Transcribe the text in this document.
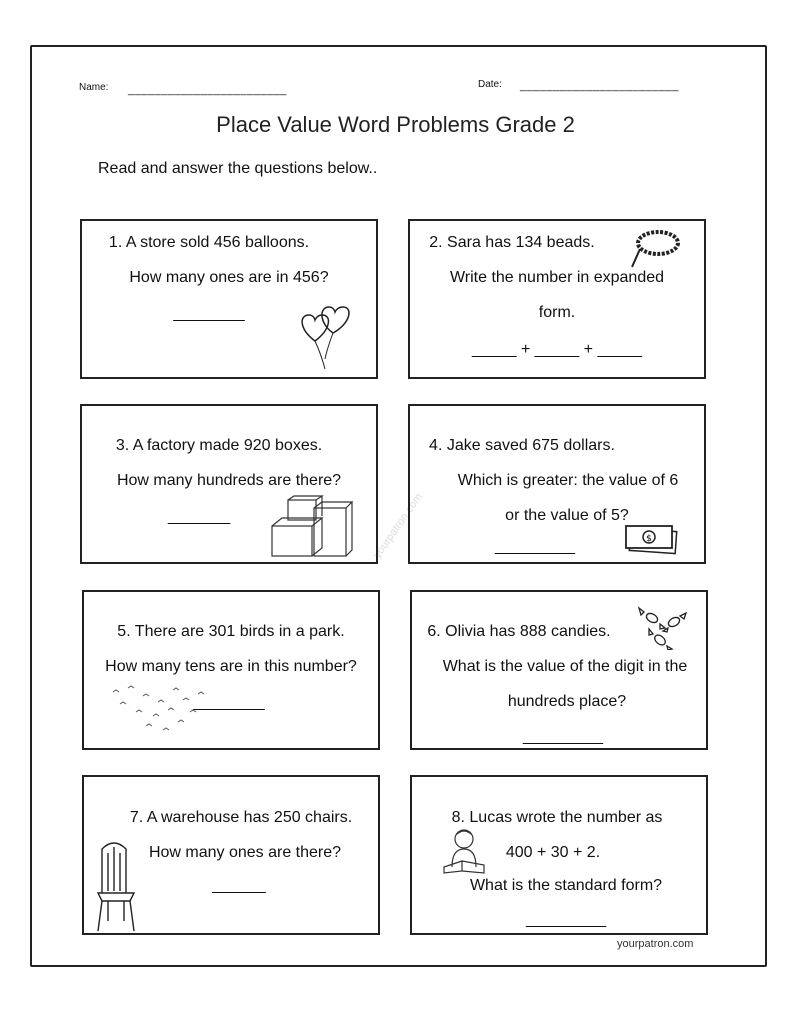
Name: ________________________	Date: ________________________
Place Value Word Problems Grade 2
Read and answer the questions below..
yourpatron.com
1. A store sold 456 balloons.
How many ones are in 456?
________
2. Sara has 134 beads.
Write the number in expanded
form.
_____ + _____ + _____
3. A factory made 920 boxes.
How many hundreds are there?
_______
4. Jake saved 675 dollars.
Which is greater: the value of 6
or the value of 5?
_________	$
5. There are 301 birds in a park.
How many tens are in this number?
________
6. Olivia has 888 candies.
What is the value of the digit in the
hundreds place?
_________
7. A warehouse has 250 chairs.
How many ones are there?
______
8. Lucas wrote the number as
400 + 30 + 2.
What is the standard form?
_________
yourpatron.com
